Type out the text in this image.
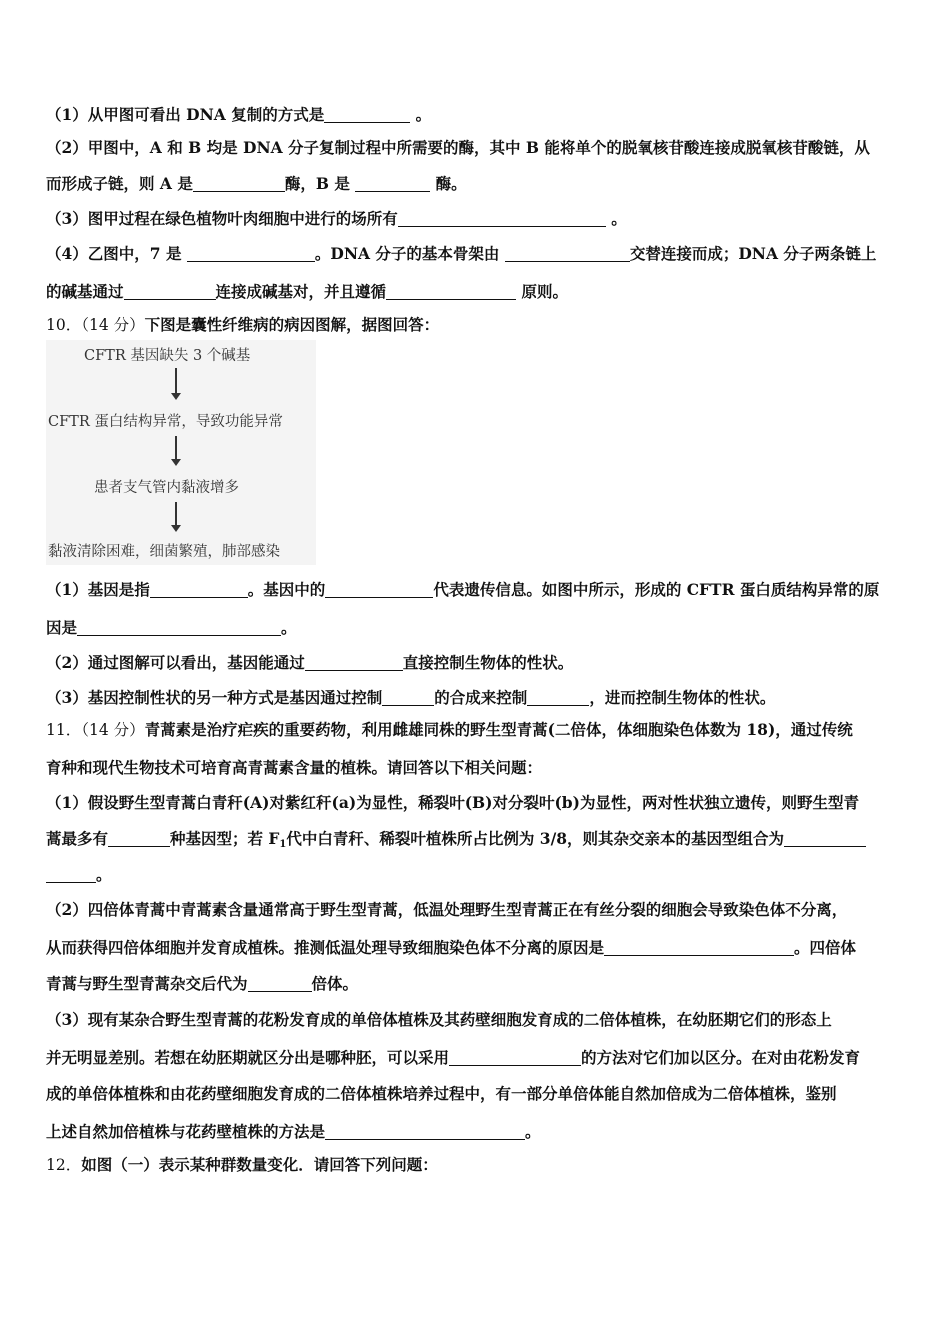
（1）从甲图可看出 DNA 复制的方式是	。
（2）甲图中，A 和 B 均是 DNA 分子复制过程中所需要的酶，其中 B 能将单个的脱氧核苷酸连接成脱氧核苷酸链，从
而形成子链，则 A 是	酶，B 是	酶。
（3）图甲过程在绿色植物叶肉细胞中进行的场所有	。
（4）乙图中，7 是	。DNA 分子的基本骨架由	交替连接而成；DNA 分子两条链上
的碱基通过	连接成碱基对，并且遵循	原则。
10．（14 分）下图是囊性纤维病的病因图解，据图回答：
CFTR 基因缺失 3 个碱基
CFTR 蛋白结构异常，导致功能异常
患者支气管内黏液增多
黏液清除困难，细菌繁殖，肺部感染
（1）基因是指	。基因中的	代表遗传信息。如图中所示，形成的 CFTR 蛋白质结构异常的原
因是	。
（2）通过图解可以看出，基因能通过	直接控制生物体的性状。
（3）基因控制性状的另一种方式是基因通过控制	的合成来控制	，进而控制生物体的性状。
11．（14 分）青蒿素是治疗疟疾的重要药物，利用雌雄同株的野生型青蒿(二倍体，体细胞染色体数为 18)，通过传统
育种和现代生物技术可培育高青蒿素含量的植株。请回答以下相关问题：
（1）假设野生型青蒿白青秆(A)对紫红秆(a)为显性，稀裂叶(B)对分裂叶(b)为显性，两对性状独立遗传，则野生型青
蒿最多有	种基因型；若 $F_1$代中白青秆、稀裂叶植株所占比例为 3/8，则其杂交亲本的基因型组合为
。
（2）四倍体青蒿中青蒿素含量通常高于野生型青蒿，低温处理野生型青蒿正在有丝分裂的细胞会导致染色体不分离，
从而获得四倍体细胞并发育成植株。推测低温处理导致细胞染色体不分离的原因是	。四倍体
青蒿与野生型青蒿杂交后代为	倍体。
（3）现有某杂合野生型青蒿的花粉发育成的单倍体植株及其药壁细胞发育成的二倍体植株，在幼胚期它们的形态上
并无明显差别。若想在幼胚期就区分出是哪种胚，可以采用	的方法对它们加以区分。在对由花粉发育
成的单倍体植株和由花药壁细胞发育成的二倍体植株培养过程中，有一部分单倍体能自然加倍成为二倍体植株，鉴别
上述自然加倍植株与花药壁植株的方法是	。
12．如图（一）表示某种群数量变化．请回答下列问题：
